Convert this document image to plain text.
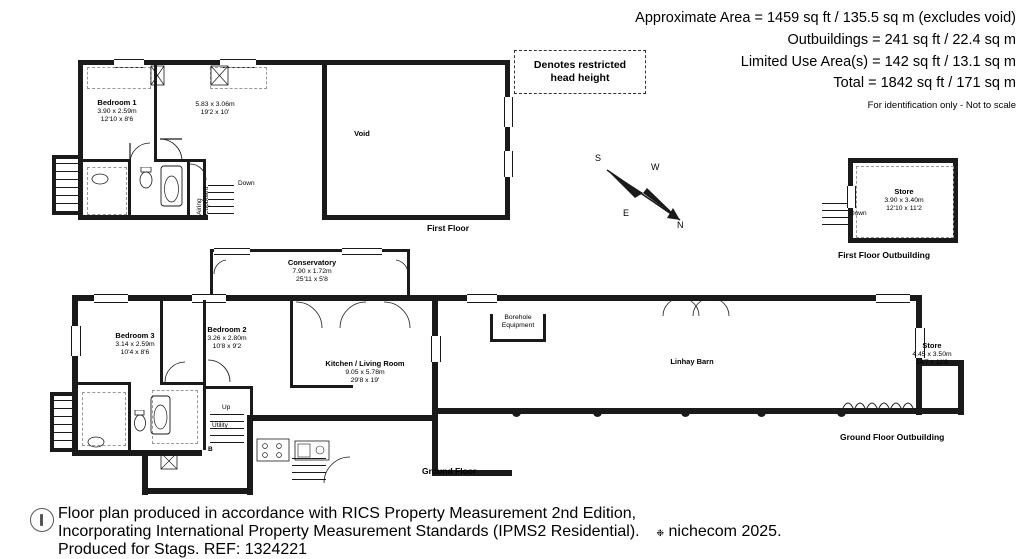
Approximate Area = 1459 sq ft / 135.5 sq m (excludes void)
Outbuildings = 241 sq ft / 22.4 sq m
Limited Use Area(s) = 142 sq ft / 13.1 sq m
Total = 1842 sq ft / 171 sq m
For identification only - Not to scale
Denotes restricted
head height
S
W
E
N
Bedroom 1
3.90 x 2.59m
12'10 x 8'6
5.83 x 3.06m
19'2 x 10'
Void
Airing Cupboard
Down
First Floor
Conservatory
7.90 x 1.72m
25'11 x 5'8
B
Borehole
Equipment
Bedroom 3
3.14 x 2.59m
10'4 x 8'6
Bedroom 2
3.26 x 2.80m
10'8 x 9'2
Kitchen / Living Room
9.05 x 5.78m
29'8 x 19'
Linhay Barn
Store
4.45 x 3.50m
14'7 x 11'6
Utility
Up
Ground Floor
Ground Floor Outbuilding
Down
Store
3.90 x 3.40m
12'10 x 11'2
First Floor Outbuilding
Floor plan produced in accordance with RICS Property Measurement 2nd Edition,
Incorporating International Property Measurement Standards (IPMS2 Residential). ❉ nichecom 2025.
Produced for Stags. REF: 1324221
